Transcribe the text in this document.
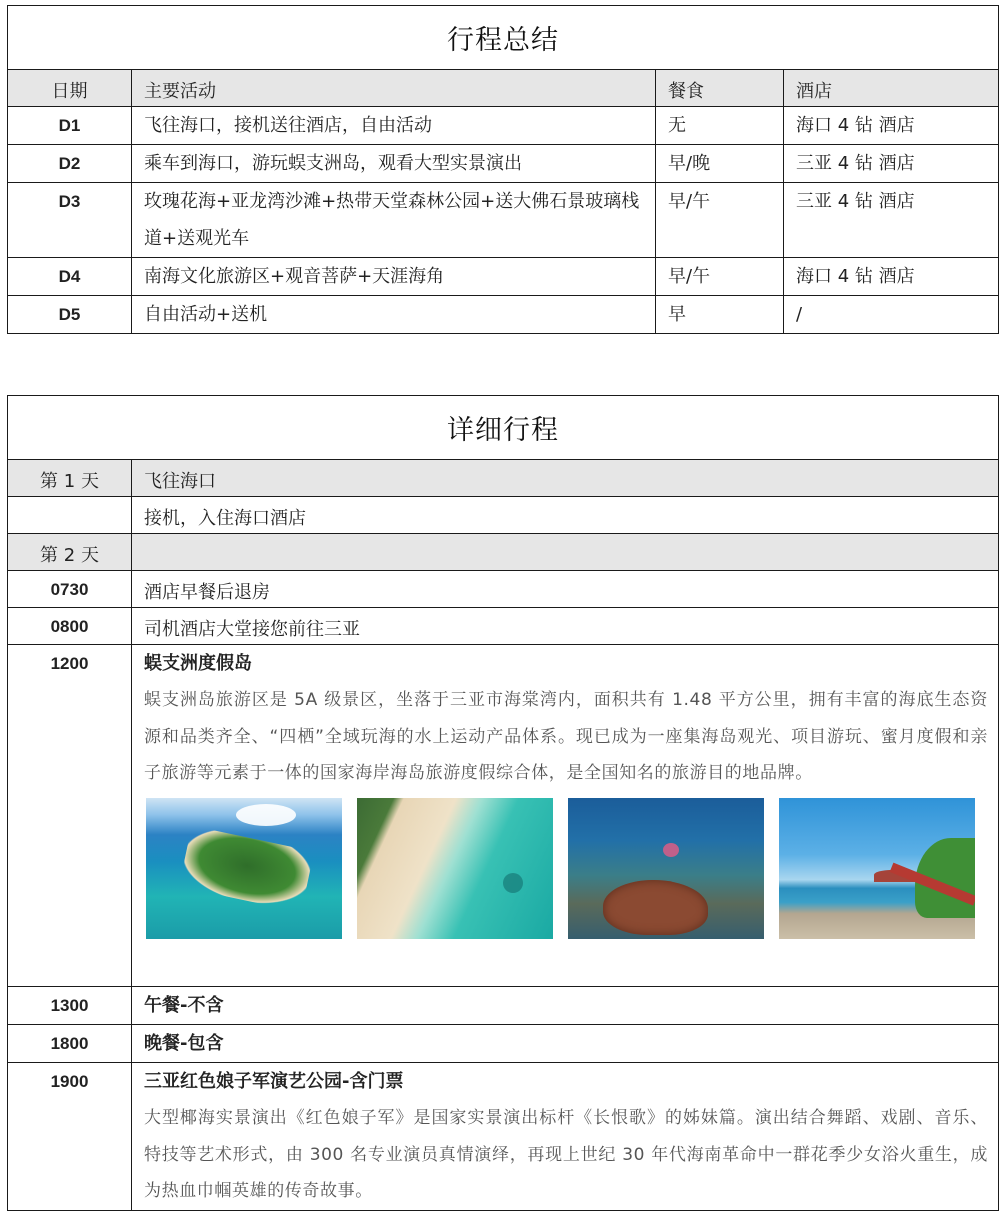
行程总结			
日期	主要活动	餐食	酒店
D1	飞往海口，接机送往酒店，自由活动	无	海口 4 钻 酒店
D2	乘车到海口，游玩蜈支洲岛，观看大型实景演出	早/晚	三亚 4 钻 酒店
D3	玫瑰花海+亚龙湾沙滩+热带天堂森林公园+送大佛石景玻璃栈道+送观光车	早/午	三亚 4 钻 酒店
D4	南海文化旅游区+观音菩萨+天涯海角	早/午	海口 4 钻 酒店
D5	自由活动+送机	早	/
详细行程	
第 1 天	飞往海口
	接机，入住海口酒店
第 2 天	
0730	酒店早餐后退房
0800	司机酒店大堂接您前往三亚
1200	蜈支洲度假岛
蜈支洲岛旅游区是 5A 级景区，坐落于三亚市海棠湾内，面积共有 1.48 平方公里，拥有丰富的海底生态资源和品类齐全、“四栖”全域玩海的水上运动产品体系。现已成为一座集海岛观光、项目游玩、蜜月度假和亲子旅游等元素于一体的国家海岸海岛旅游度假综合体，是全国知名的旅游目的地品牌。

1300	午餐-不含

1800	晚餐-包含

1900	三亚红色娘子军演艺公园-含门票
大型椰海实景演出《红色娘子军》是国家实景演出标杆《长恨歌》的姊妹篇。演出结合舞蹈、戏剧、音乐、特技等艺术形式，由 300 名专业演员真情演绎，再现上世纪 30 年代海南革命中一群花季少女浴火重生，成为热血巾帼英雄的传奇故事。
